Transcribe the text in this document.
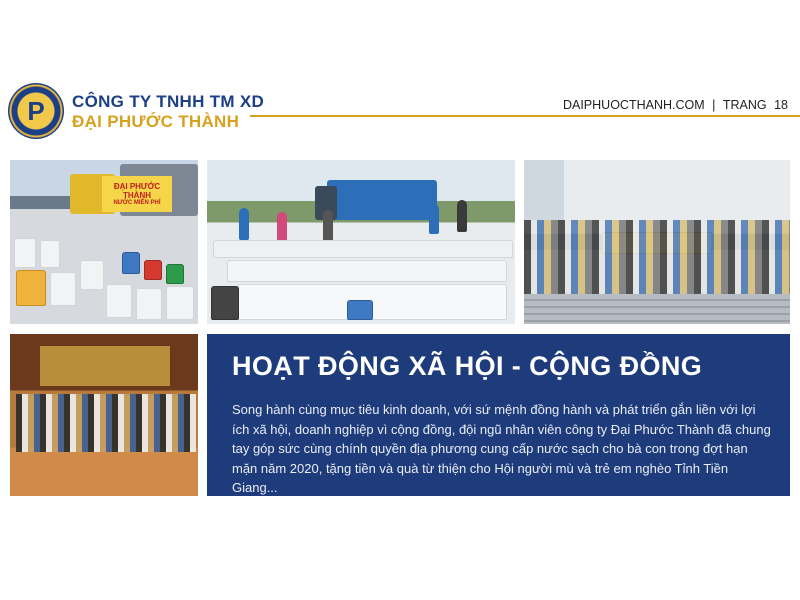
P	CÔNG TY TNHH TM XD
ĐẠI PHƯỚC THÀNH
DAIPHUOCTHANH.COM | TRANG 18
ĐẠI PHƯỚC THÀNH
NƯỚC MIỄN PHÍ
HOẠT ĐỘNG XÃ HỘI - CỘNG ĐỒNG
Song hành cùng mục tiêu kinh doanh, với sứ mệnh đồng hành và phát triển gắn liền với lợi ích xã hội, doanh nghiệp vì cộng đồng, đội ngũ nhân viên công ty Đại Phước Thành đã chung tay góp sức cùng chính quyền địa phương cung cấp nước sạch cho bà con trong đợt hạn mặn năm 2020, tặng tiền và quà từ thiện cho Hội người mù và trẻ em nghèo Tỉnh Tiền Giang...
